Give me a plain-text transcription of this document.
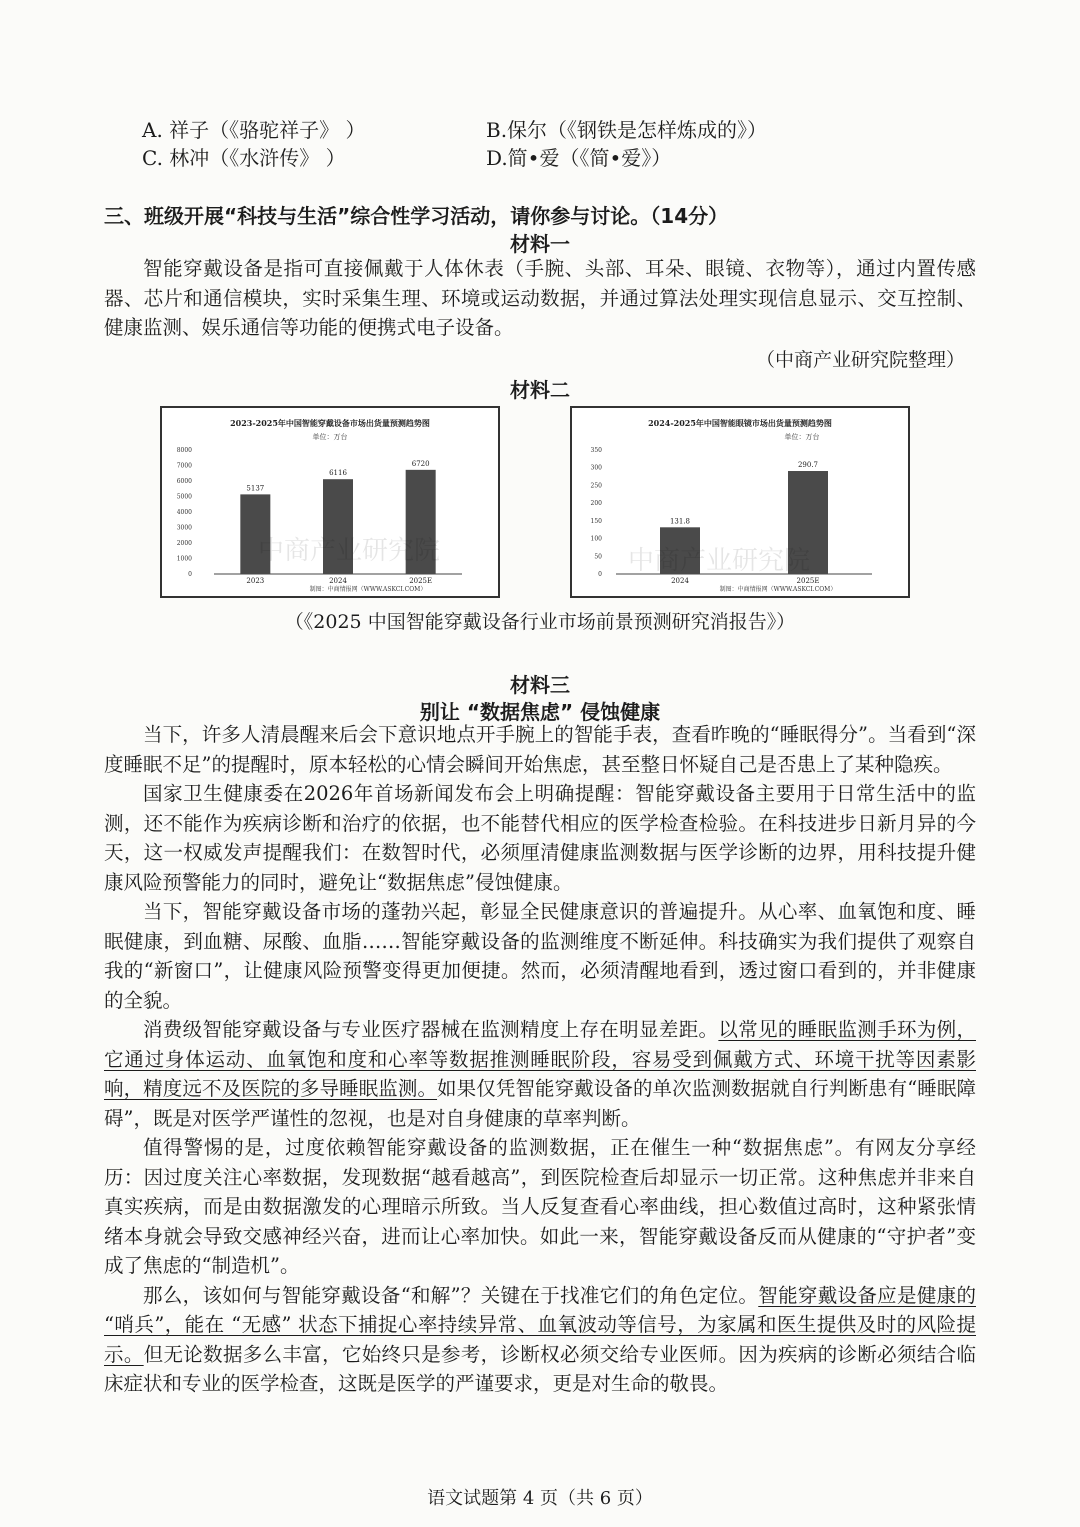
A. 祥子（《骆驼祥子》 ）	B.保尔（《钢铁是怎样炼成的》）
C. 林冲（《水浒传》 ）	D.简•爱（《简•爱》）
三、班级开展“科技与生活”综合性学习活动，请你参与讨论。（14分）
材料一

智能穿戴设备是指可直接佩戴于人体休表（手腕、头部、耳朵、眼镜、衣物等），通过内置传感器、芯片和通信模块，实时采集生理、环境或运动数据，并通过算法处理实现信息显示、交互控制、健康监测、娱乐通信等功能的便携式电子设备。

（中商产业研究院整理）
材料二
2023-2025年中国智能穿戴设备市场出货量预测趋势图
单位：万台
0
1000
2000
3000
4000
5000
6000
7000
8000
5137
2023
6116
2024
6720
2025E
制图：中商情报网（WWW.ASKCI.COM）
中商产业研究院
2024-2025年中国智能眼镜市场出货量预测趋势图
单位：万台
0
50
100
150
200
250
300
350
131.8
2024
290.7
2025E
制图：中商情报网（WWW.ASKCI.COM）
中商产业研究院
（《2025 中国智能穿戴设备行业市场前景预测研究消报告》）
材料三
别让 “数据焦虑” 侵蚀健康

当下，许多人清晨醒来后会下意识地点开手腕上的智能手表，查看昨晚的“睡眠得分”。当看到“深度睡眠不足”的提醒时，原本轻松的心情会瞬间开始焦虑，甚至整日怀疑自己是否患上了某种隐疾。

国家卫生健康委在2026年首场新闻发布会上明确提醒：智能穿戴设备主要用于日常生活中的监测，还不能作为疾病诊断和治疗的依据，也不能替代相应的医学检查检验。在科技进步日新月异的今天，这一权威发声提醒我们：在数智时代，必须厘清健康监测数据与医学诊断的边界，用科技提升健康风险预警能力的同时，避免让“数据焦虑”侵蚀健康。

当下，智能穿戴设备市场的蓬勃兴起，彰显全民健康意识的普遍提升。从心率、血氧饱和度、睡眠健康，到血糖、尿酸、血脂……智能穿戴设备的监测维度不断延伸。科技确实为我们提供了观察自我的“新窗口”，让健康风险预警变得更加便捷。然而，必须清醒地看到，透过窗口看到的，并非健康的全貌。

消费级智能穿戴设备与专业医疗器械在监测精度上存在明显差距。以常见的睡眠监测手环为例，它通过身体运动、血氧饱和度和心率等数据推测睡眠阶段，容易受到佩戴方式、环境干扰等因素影响，精度远不及医院的多导睡眠监测。如果仅凭智能穿戴设备的单次监测数据就自行判断患有“睡眠障碍”，既是对医学严谨性的忽视，也是对自身健康的草率判断。

值得警惕的是，过度依赖智能穿戴设备的监测数据，正在催生一种“数据焦虑”。有网友分享经历：因过度关注心率数据，发现数据“越看越高”，到医院检查后却显示一切正常。这种焦虑并非来自真实疾病，而是由数据激发的心理暗示所致。当人反复查看心率曲线，担心数值过高时，这种紧张情绪本身就会导致交感神经兴奋，进而让心率加快。如此一来，智能穿戴设备反而从健康的“守护者”变成了焦虑的“制造机”。

那么，该如何与智能穿戴设备“和解”？关键在于找准它们的角色定位。智能穿戴设备应是健康的 “哨兵”，能在 “无感” 状态下捕捉心率持续异常、血氧波动等信号，为家属和医生提供及时的风险提示。但无论数据多么丰富，它始终只是参考，诊断权必须交给专业医师。因为疾病的诊断必须结合临床症状和专业的医学检查，这既是医学的严谨要求，更是对生命的敬畏。

语文试题第 4 页（共 6 页）
